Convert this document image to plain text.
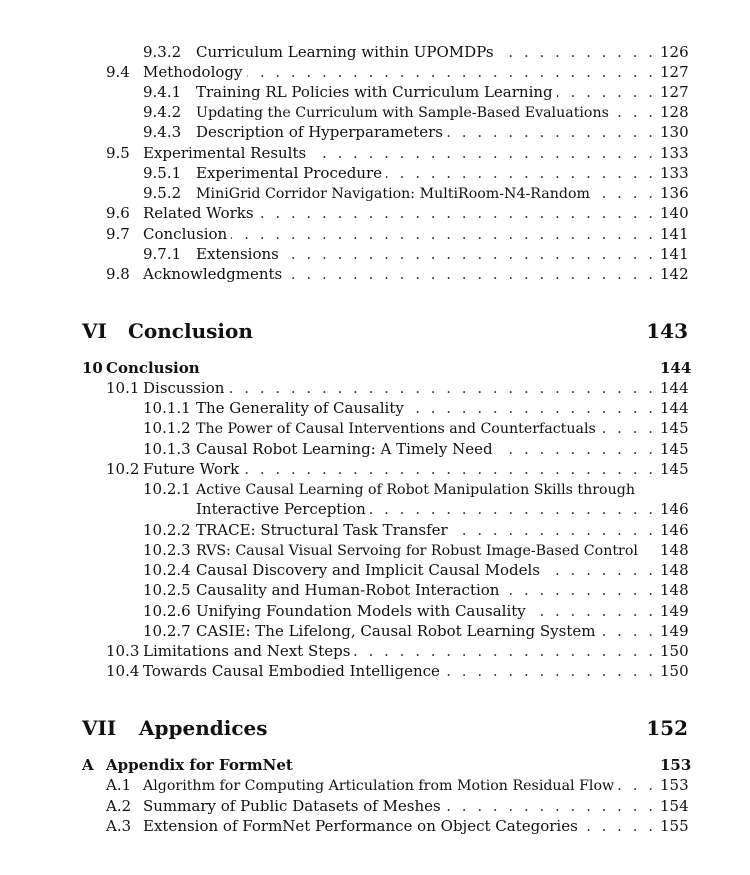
9.3.2 Curriculum Learning within UPOMDPs . . .	126
9.4 Methodology . . .	127
9.4.1 Training RL Policies with Curriculum Learning . . .	127
9.4.2	Updating the Curriculum with Sample-Based Evaluations . . .	128
9.4.3 Description of Hyperparameters . . .	130
9.5 Experimental Results . . .	133
9.5.1 Experimental Procedure . . .	133
9.5.2	MiniGrid Corridor Navigation: MultiRoom-N4-Random . . .	136
9.6 Related Works . . .	140
9.7 Conclusion . . .	141
9.7.1 Extensions . . .	141
9.8 Acknowledgments . . .	142
VI	Conclusion	143
10 Conclusion	144
10.1 Discussion . . .	144
10.1.1 The Generality of Causality . . .	144
10.1.2 The Power of Causal Interventions and Counterfactuals . . .	145
10.1.3 Causal Robot Learning: A Timely Need . . .	145
10.2 Future Work . . .	145
10.2.1 Active Causal Learning of Robot Manipulation Skills through
Interactive Perception . . .	146
10.2.2 TRACE: Structural Task Transfer . . .	146
10.2.3 RVS: Causal Visual Servoing for Robust Image-Based Control 148
10.2.4 Causal Discovery and Implicit Causal Models . . .	148
10.2.5 Causality and Human-Robot Interaction . . .	148
10.2.6 Unifying Foundation Models with Causality . . .	149
10.2.7 CASIE: The Lifelong, Causal Robot Learning System . . .	149
10.3 Limitations and Next Steps . . .	150
10.4 Towards Causal Embodied Intelligence . . .	150
VII	Appendices	152
A Appendix for FormNet	153
A.1 Algorithm for Computing Articulation from Motion Residual Flow . . .	153
A.2 Summary of Public Datasets of Meshes . . .	154
A.3 Extension of FormNet Performance on Object Categories . . .	155
